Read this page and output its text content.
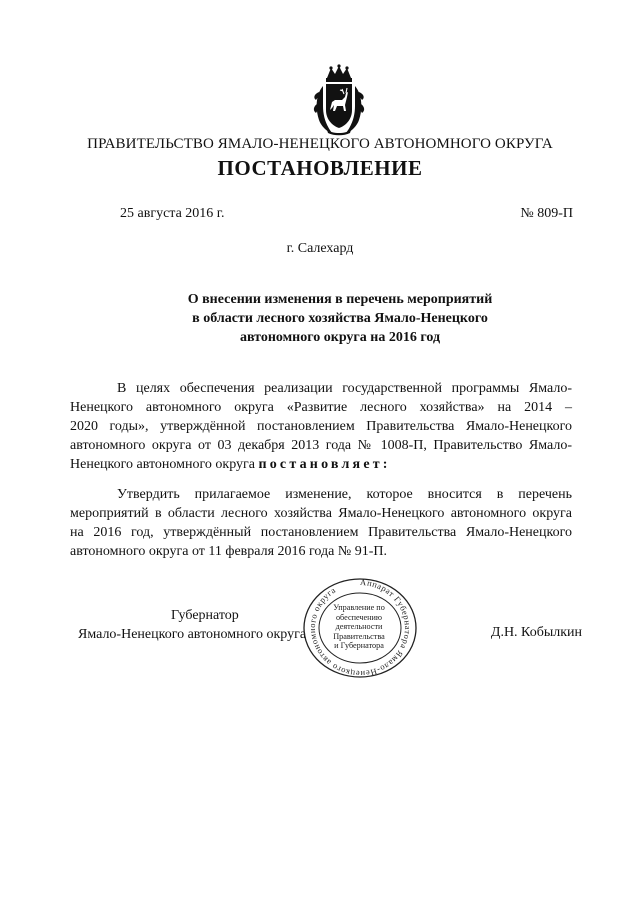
ПРАВИТЕЛЬСТВО ЯМАЛО-НЕНЕЦКОГО АВТОНОМНОГО ОКРУГА
ПОСТАНОВЛЕНИЕ
25 августа 2016 г.	№ 809-П
г. Салехард
О внесении изменения в перечень мероприятий
в области лесного хозяйства Ямало-Ненецкого
автономного округа на 2016 год
В целях обеспечения реализации государственной программы Ямало-
Ненецкого автономного округа «Развитие лесного хозяйства» на 2014 –
2020 годы», утверждённой постановлением Правительства Ямало-Ненецкого
автономного округа от 03 декабря 2013 года № 1008-П, Правительство Ямало-
Ненецкого автономного округа постановляет:
Утвердить прилагаемое изменение, которое вносится в перечень
мероприятий в области лесного хозяйства Ямало-Ненецкого автономного округа
на 2016 год, утверждённый постановлением Правительства Ямало-Ненецкого
автономного округа от 11 февраля 2016 года № 91-П.
Губернатор
Ямало-Ненецкого автономного округа
Аппарат Губернатора Ямало-Ненецкого автономного округа
Управление по
обеспечению
деятельности
Правительства
и Губернатора
Д.Н. Кобылкин
